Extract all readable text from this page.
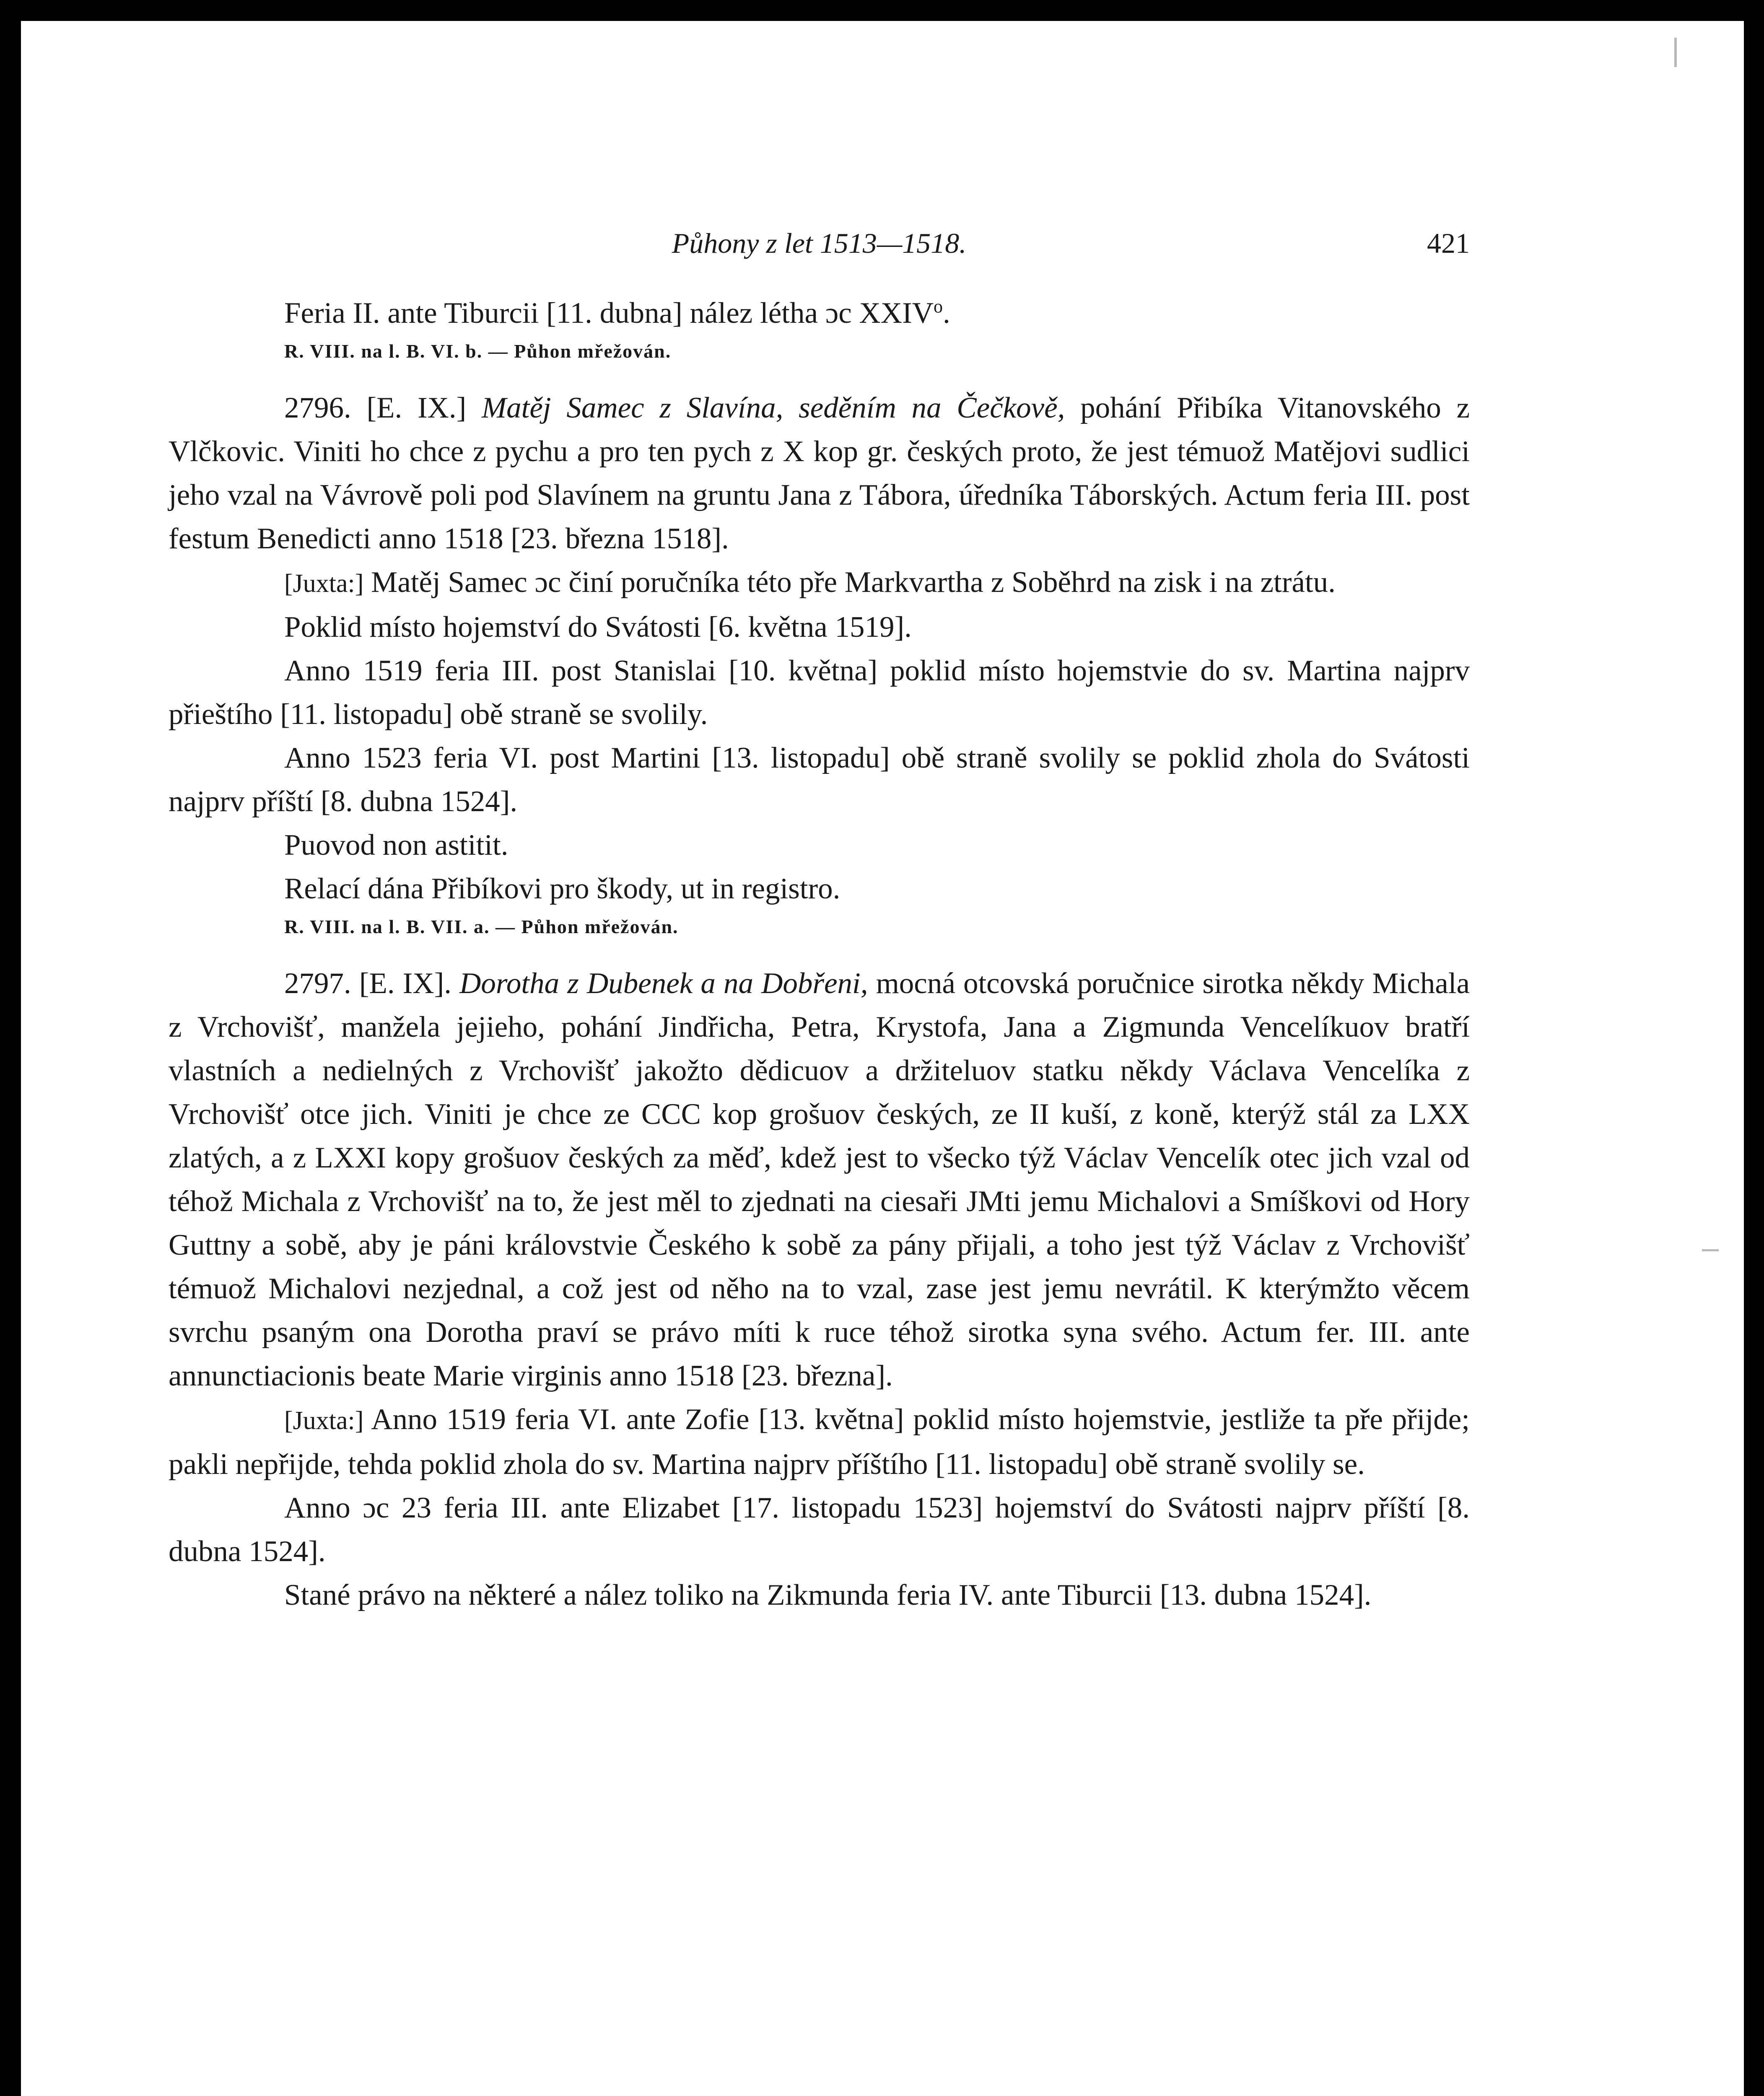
Půhony z let 1513—1518.	421

Feria II. ante Tiburcii [11. dubna] nález létha ɔc XXIV$^o$.

R. VIII. na l. B. VI. b. — Půhon mřežován.

2796. [E. IX.] Matěj Samec z Slavína, seděním na Čečkově, pohání Přibíka Vitanovského z Vlčkovic. Viniti ho chce z pychu a pro ten pych z X kop gr. českých proto, že jest témuož Matějovi sudlici jeho vzal na Vávrově poli pod Slavínem na gruntu Jana z Tábora, úředníka Táborských. Actum feria III. post festum Benedicti anno 1518 [23. března 1518].

[Juxta:] Matěj Samec ɔc činí poručníka této pře Markvartha z Soběhrd na zisk i na ztrátu.

Poklid místo hojemství do Svátosti [6. května 1519].

Anno 1519 feria III. post Stanislai [10. května] poklid místo hojemstvie do sv. Martina najprv přieštího [11. listopadu] obě straně se svolily.

Anno 1523 feria VI. post Martini [13. listopadu] obě straně svolily se poklid zhola do Svátosti najprv příští [8. dubna 1524].

Puovod non astitit.

Relací dána Přibíkovi pro škody, ut in registro.

R. VIII. na l. B. VII. a. — Půhon mřežován.

2797. [E. IX]. Dorotha z Dubenek a na Dobřeni, mocná otcovská poručnice sirotka někdy Michala z Vrchovišť, manžela jejieho, pohání Jindřicha, Petra, Krystofa, Jana a Zigmunda Vencelíkuov bratří vlastních a nedielných z Vrchovišť jakožto dědicuov a držiteluov statku někdy Václava Vencelíka z Vrchovišť otce jich. Viniti je chce ze CCC kop grošuov českých, ze II kuší, z koně, kterýž stál za LXX zlatých, a z LXXI kopy grošuov českých za měď, kdež jest to všecko týž Václav Vencelík otec jich vzal od téhož Michala z Vrchovišť na to, že jest měl to zjednati na ciesaři JMti jemu Michalovi a Smíškovi od Hory Guttny a sobě, aby je páni královstvie Českého k sobě za pány přijali, a toho jest týž Václav z Vrchovišť témuož Michalovi nezjednal, a což jest od něho na to vzal, zase jest jemu nevrátil. K kterýmžto věcem svrchu psaným ona Dorotha praví se právo míti k ruce téhož sirotka syna svého. Actum fer. III. ante annunctiacionis beate Marie virginis anno 1518 [23. března].

[Juxta:] Anno 1519 feria VI. ante Zofie [13. května] poklid místo hojemstvie, jestliže ta pře přijde; pakli nepřijde, tehda poklid zhola do sv. Martina najprv příštího [11. listopadu] obě straně svolily se.

Anno ɔc 23 feria III. ante Elizabet [17. listopadu 1523] hojemství do Svátosti najprv příští [8. dubna 1524].

Stané právo na některé a nález toliko na Zikmunda feria IV. ante Tiburcii [13. dubna 1524].
